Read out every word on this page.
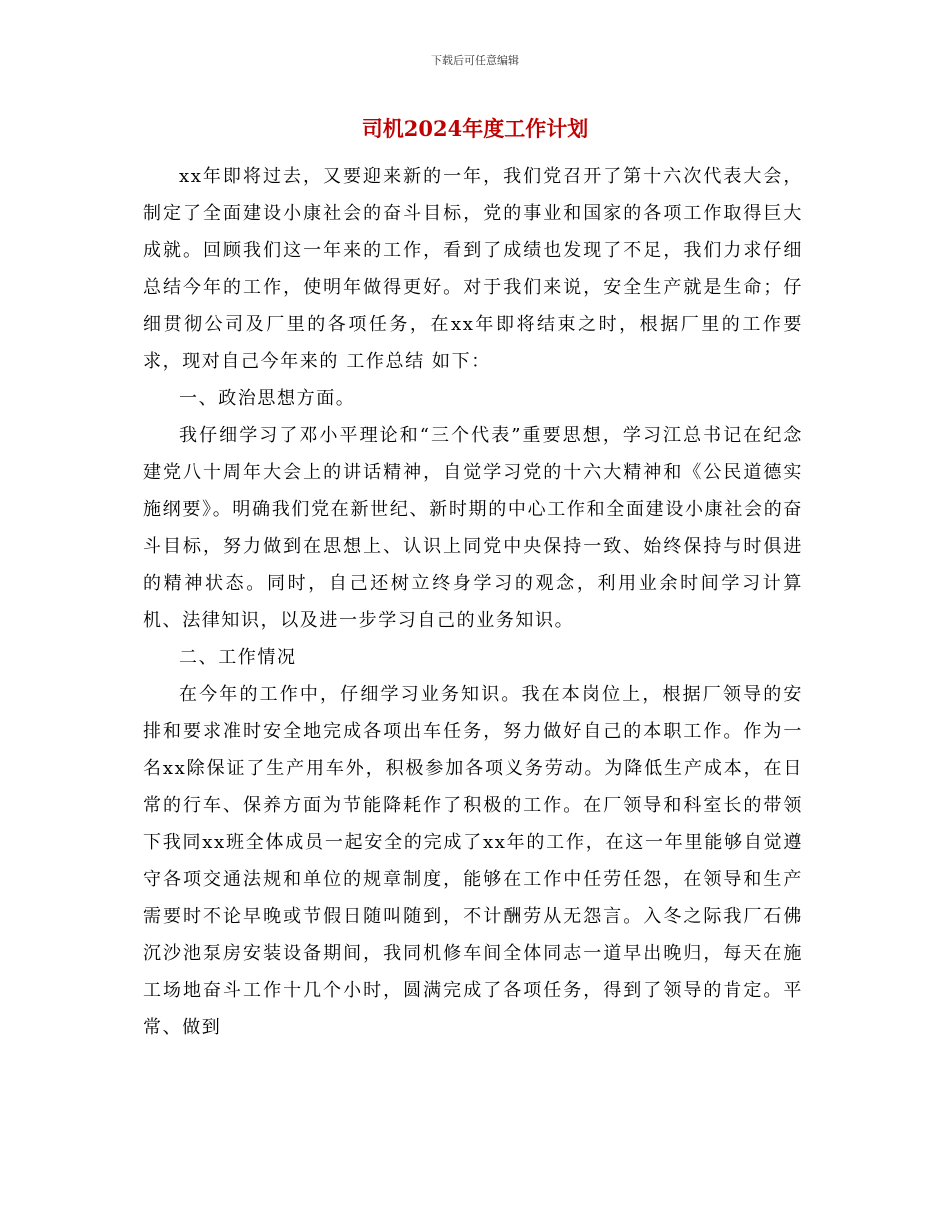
下载后可任意编辑
司机2024年度工作计划

xx年即将过去，又要迎来新的一年，我们党召开了第十六次代表大会，制定了全面建设小康社会的奋斗目标，党的事业和国家的各项工作取得巨大成就。回顾我们这一年来的工作，看到了成绩也发现了不足，我们力求仔细总结今年的工作，使明年做得更好。对于我们来说，安全生产就是生命；仔细贯彻公司及厂里的各项任务，在xx年即将结束之时，根据厂里的工作要求，现对自己今年来的 工作总结 如下：

一、政治思想方面。

我仔细学习了邓小平理论和“三个代表”重要思想，学习江总书记在纪念建党八十周年大会上的讲话精神，自觉学习党的十六大精神和《公民道德实施纲要》。明确我们党在新世纪、新时期的中心工作和全面建设小康社会的奋斗目标，努力做到在思想上、认识上同党中央保持一致、始终保持与时俱进的精神状态。同时，自己还树立终身学习的观念，利用业余时间学习计算机、法律知识，以及进一步学习自己的业务知识。

二、工作情况

在今年的工作中，仔细学习业务知识。我在本岗位上，根据厂领导的安排和要求准时安全地完成各项出车任务，努力做好自己的本职工作。作为一名xx除保证了生产用车外，积极参加各项义务劳动。为降低生产成本，在日常的行车、保养方面为节能降耗作了积极的工作。在厂领导和科室长的带领下我同xx班全体成员一起安全的完成了xx年的工作，在这一年里能够自觉遵守各项交通法规和单位的规章制度，能够在工作中任劳任怨，在领导和生产需要时不论早晚或节假日随叫随到，不计酬劳从无怨言。入冬之际我厂石佛沉沙池泵房安装设备期间，我同机修车间全体同志一道早出晚归，每天在施工场地奋斗工作十几个小时，圆满完成了各项任务，得到了领导的肯定。平常、做到
